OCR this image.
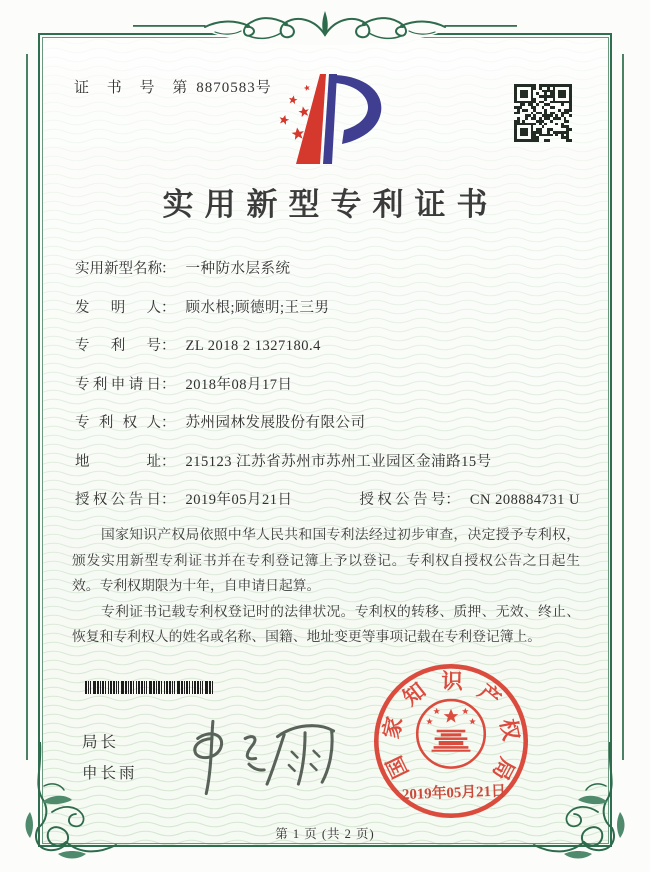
证 书 号 第 8870583号
实用新型专利证书
实用新型名称： 一种防水层系统
发明人： 顾水根;顾德明;王三男
专利号： ZL 2018 2 1327180.4
专利申请日： 2018年08月17日
专利权人： 苏州园林发展股份有限公司
地址： 215123 江苏省苏州市苏州工业园区金浦路15号
授权公告日： 2019年05月21日	授权公告号： CN 208884731 U

国家知识产权局依照中华人民共和国专利法经过初步审查，决定授予专利权，颁发实用新型专利证书并在专利登记簿上予以登记。专利权自授权公告之日起生效。专利权期限为十年，自申请日起算。

专利证书记载专利权登记时的法律状况。专利权的转移、质押、无效、终止、恢复和专利权人的姓名或名称、国籍、地址变更等事项记载在专利登记簿上。

局长
申长雨	国
家
知 识 产
权
局
2019年05月21日
第 1 页 (共 2 页)
